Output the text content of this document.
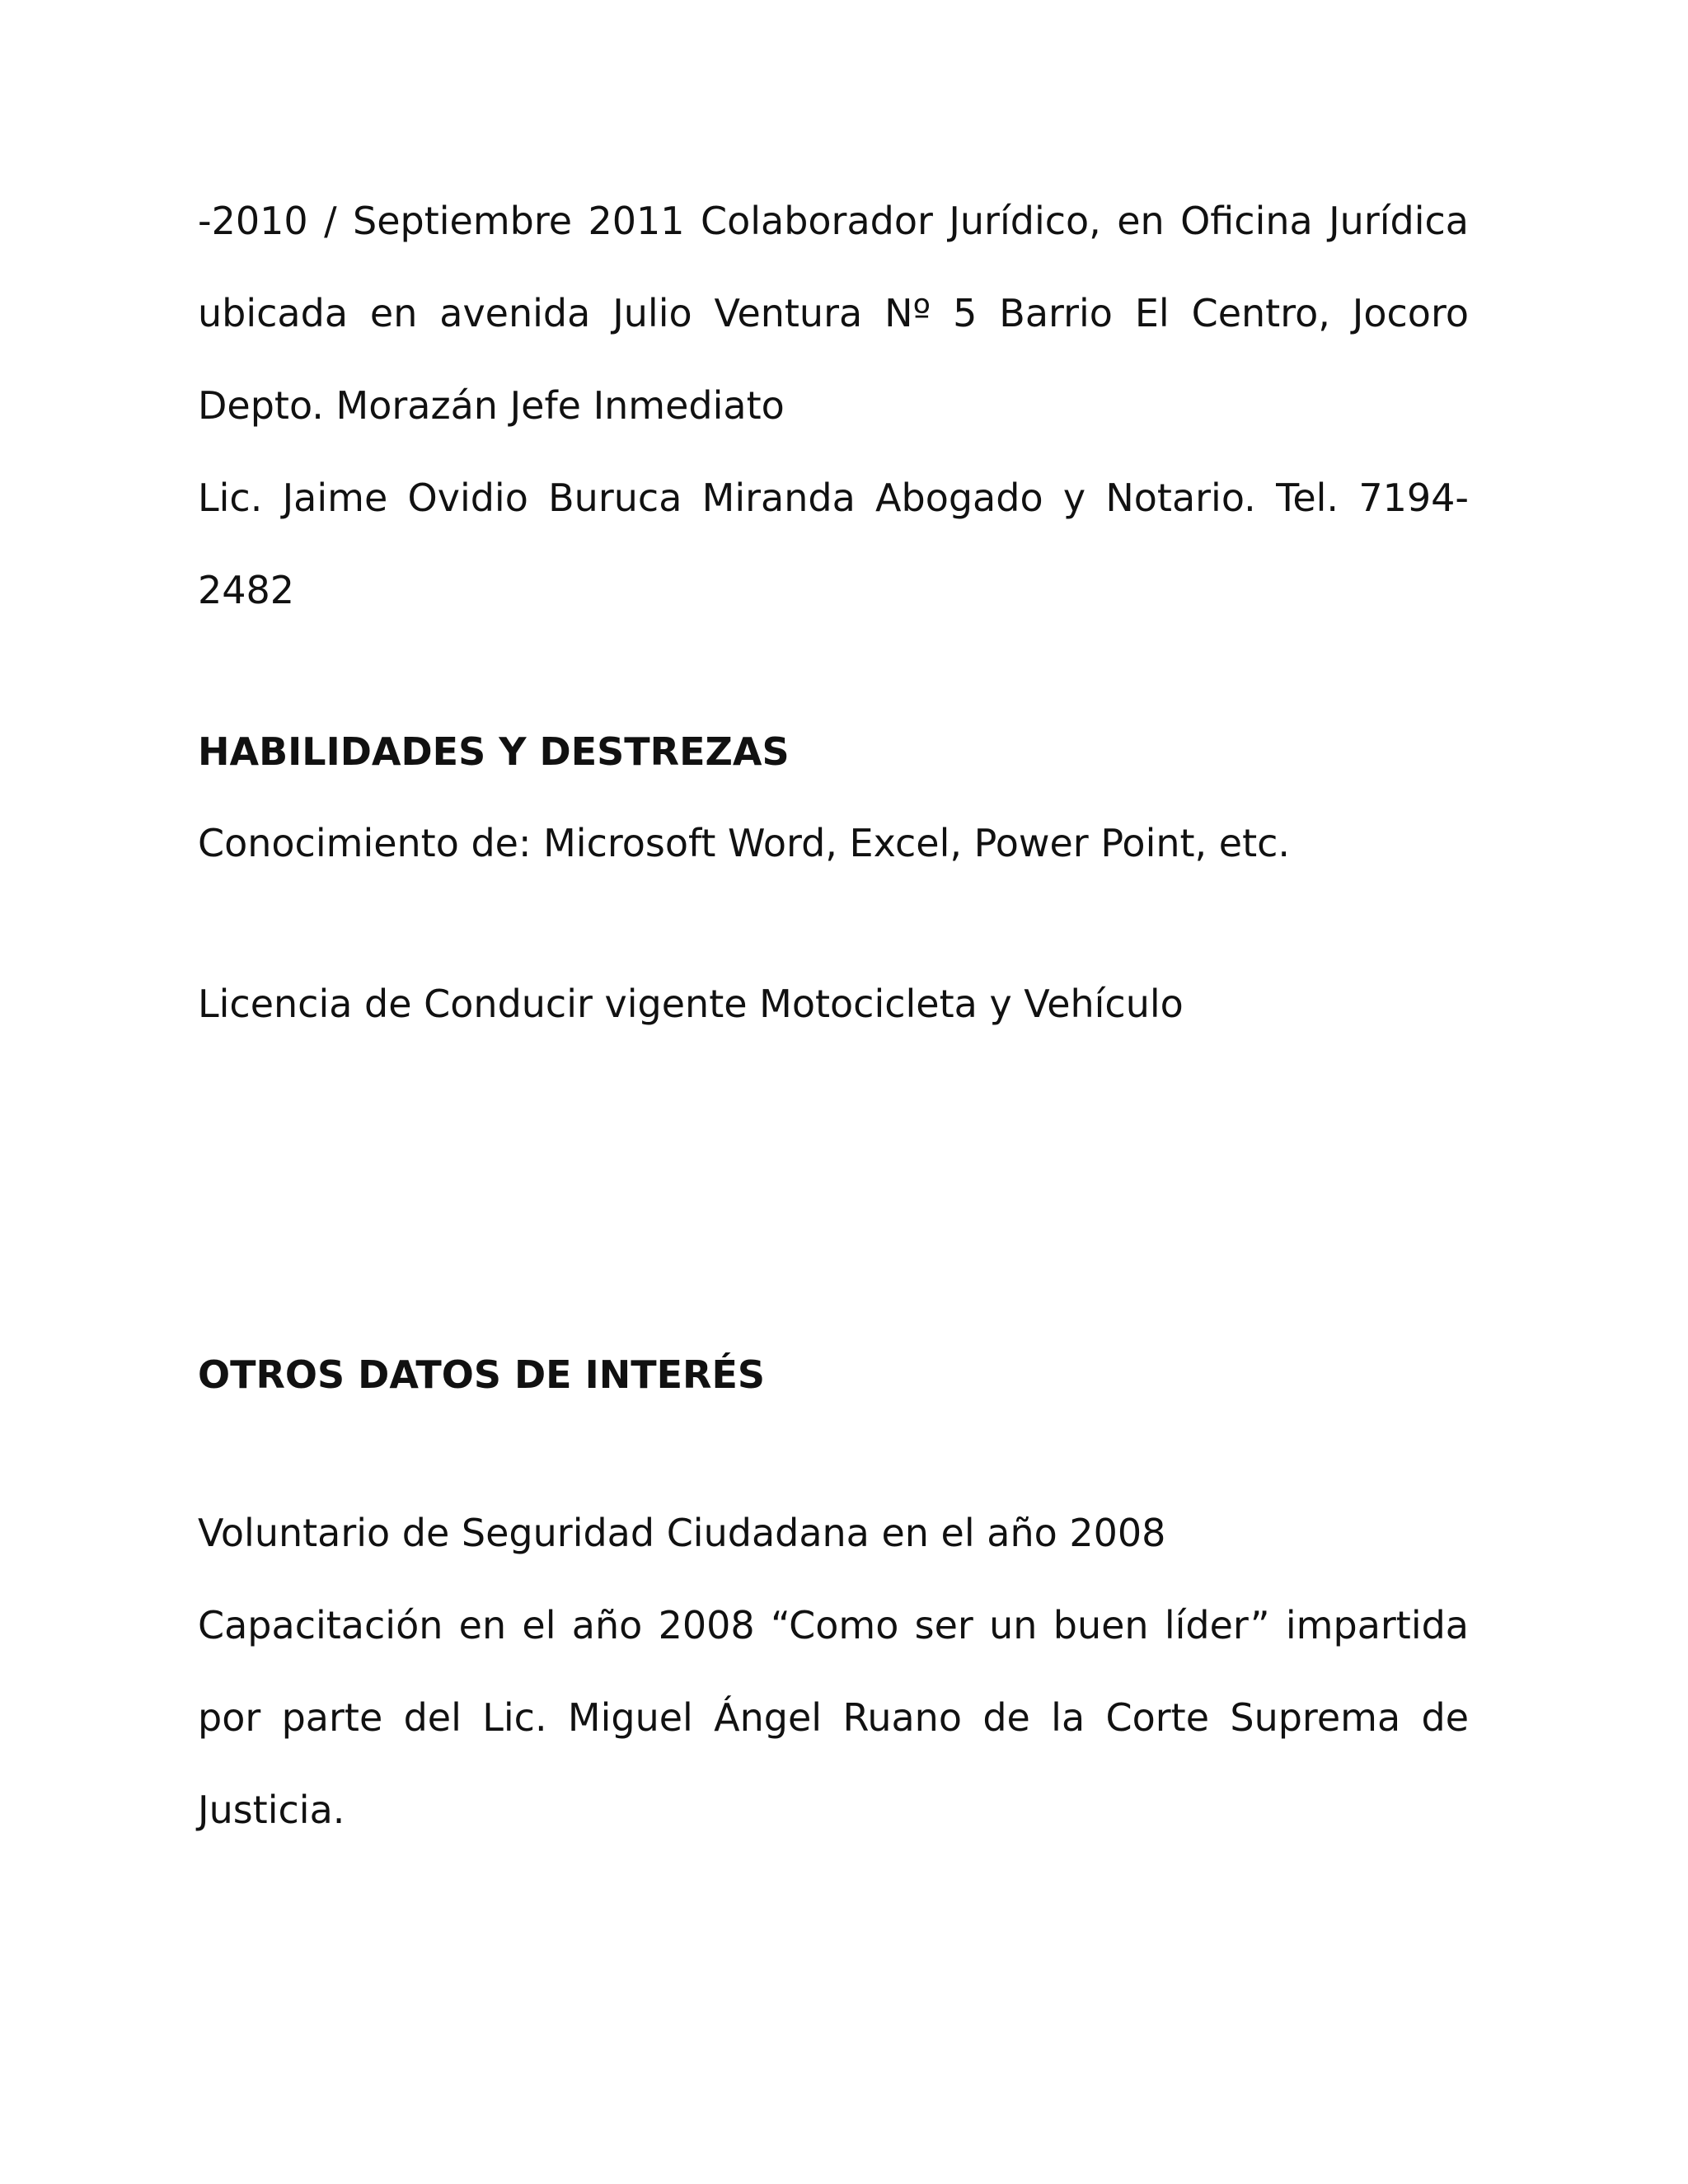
-2010 / Septiembre 2011 Colaborador Jurídico, en Oficina Jurídica

ubicada en avenida Julio Ventura Nº 5 Barrio El Centro, Jocoro

Depto. Morazán Jefe Inmediato

Lic. Jaime Ovidio Buruca Miranda Abogado y Notario. Tel. 7194-

2482

HABILIDADES Y DESTREZAS

Conocimiento de: Microsoft Word, Excel, Power Point, etc.

Licencia de Conducir vigente Motocicleta y Vehículo

OTROS DATOS DE INTERÉS

Voluntario de Seguridad Ciudadana en el año 2008

Capacitación en el año 2008 “Como ser un buen líder” impartida

por parte del Lic. Miguel Ángel Ruano de la Corte Suprema de

Justicia.
